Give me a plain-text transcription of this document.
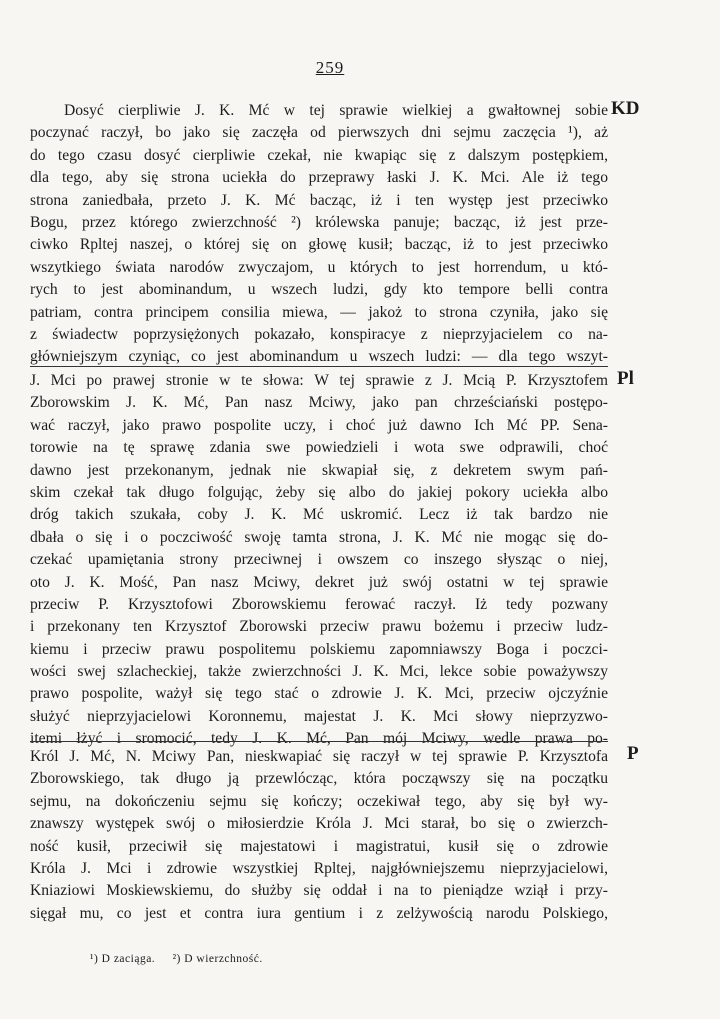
259
KD
Dosyć cierpliwie J. K. Mć w tej sprawie wielkiej a gwałtownej sobie
poczynać raczył, bo jako się zaczęła od pierwszych dni sejmu zaczęcia ¹), aż
do tego czasu dosyć cierpliwie czekał, nie kwapiąc się z dalszym postępkiem,
dla tego, aby się strona uciekła do przeprawy łaski J. K. Mci. Ale iż tego
strona zaniedbała, przeto J. K. Mć bacząc, iż i ten występ jest przeciwko
Bogu, przez którego zwierzchność ²) królewska panuje; bacząc, iż jest prze-
ciwko Rpltej naszej, o której się on głowę kusił; bacząc, iż to jest przeciwko
wszytkiego świata narodów zwyczajom, u których to jest horrendum, u któ-
rych to jest abominandum, u wszech ludzi, gdy kto tempore belli contra
patriam, contra principem consilia miewa, — jakoż to strona czyniła, jako się
z świadectw poprzysiężonych pokazało, konspiracye z nieprzyjacielem co na-
główniejszym czyniąc, co jest abominandum u wszech ludzi: — dla tego wszyt-
Pl
J. Mci po prawej stronie w te słowa: W tej sprawie z J. Mcią P. Krzysztofem
Zborowskim J. K. Mć, Pan nasz Mciwy, jako pan chrześciański postępo-
wać raczył, jako prawo pospolite uczy, i choć już dawno Ich Mć PP. Sena-
torowie na tę sprawę zdania swe powiedzieli i wota swe odprawili, choć
dawno jest przekonanym, jednak nie skwapiał się, z dekretem swym pań-
skim czekał tak długo folgując, żeby się albo do jakiej pokory uciekła albo
dróg takich szukała, coby J. K. Mć uskromić. Lecz iż tak bardzo nie
dbała o się i o poczciwość swoję tamta strona, J. K. Mć nie mogąc się do-
czekać upamiętania strony przeciwnej i owszem co inszego słysząc o niej,
oto J. K. Mość, Pan nasz Mciwy, dekret już swój ostatni w tej sprawie
przeciw P. Krzysztofowi Zborowskiemu ferować raczył. Iż tedy pozwany
i przekonany ten Krzysztof Zborowski przeciw prawu bożemu i przeciw ludz-
kiemu i przeciw prawu pospolitemu polskiemu zapomniawszy Boga i poczci-
wości swej szlacheckiej, także zwierzchności J. K. Mci, lekce sobie poważywszy
prawo pospolite, ważył się tego stać o zdrowie J. K. Mci, przeciw ojczyźnie
służyć nieprzyjacielowi Koronnemu, majestat J. K. Mci słowy nieprzyzwo-
itemi łżyć i sromocić, tedy J. K. Mć, Pan mój Mciwy, wedle prawa po-
P
Król J. Mć, N. Mciwy Pan, nieskwapiać się raczył w tej sprawie P. Krzysztofa
Zborowskiego, tak długo ją przewlócząc, która począwszy się na początku
sejmu, na dokończeniu sejmu się kończy; oczekiwał tego, aby się był wy-
znawszy występek swój o miłosierdzie Króla J. Mci starał, bo się o zwierzch-
ność kusił, przeciwił się majestatowi i magistratui, kusił się o zdrowie
Króla J. Mci i zdrowie wszystkiej Rpltej, najgłówniejszemu nieprzyjacielowi,
Kniaziowi Moskiewskiemu, do służby się oddał i na to pieniądze wziął i przy-
sięgał mu, co jest et contra iura gentium i z zelżywością narodu Polskiego,
¹) D zaciąga. ²) D wierzchność.
